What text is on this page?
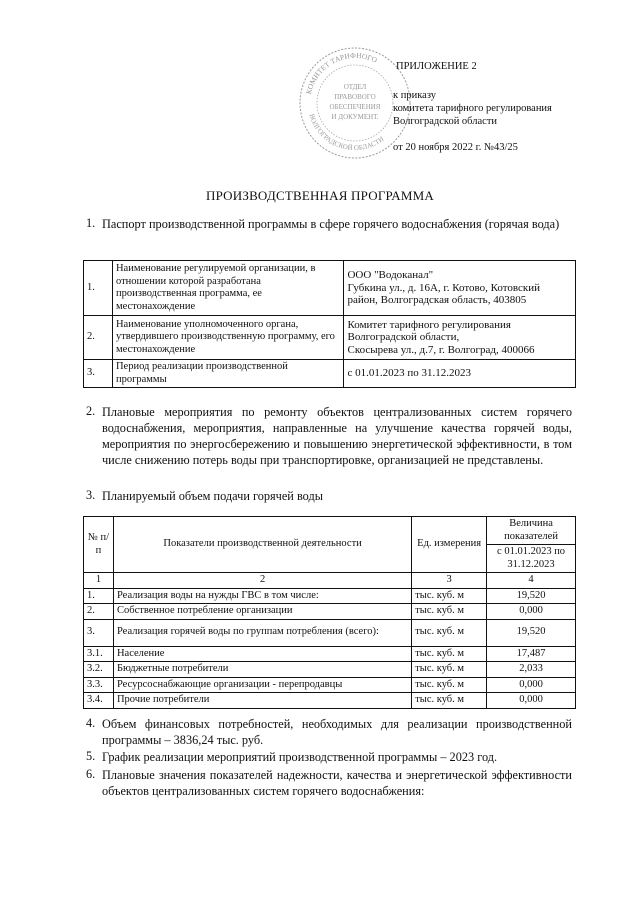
КОМИТЕТ ТАРИФНОГО
ВОЛГОГРАДСКОЙ ОБЛАСТИ
ОТДЕЛ
ПРАВОВОГО
ОБЕСПЕЧЕНИЯ
И ДОКУМЕНТ.
ПРИЛОЖЕНИЕ 2
к приказу
комитета тарифного регулирования
Волгоградской области
от 20 ноября 2022 г. №43/25
ПРОИЗВОДСТВЕННАЯ ПРОГРАММА
1. Паспорт производственной программы в сфере горячего водоснабжения (горячая вода)
1.	Наименование регулируемой организации, в отношении которой разработана производственная программа, ее местонахождение	ООО "Водоканал"
Губкина ул., д. 16А, г. Котово, Котовский район, Волгоградская область, 403805

2.	Наименование уполномоченного органа, утвердившего производственную программу, его местонахождение	Комитет тарифного регулирования Волгоградской области,
Скосырева ул., д.7, г. Волгоград, 400066

3.	Период реализации производственной программы	с 01.01.2023 по 31.12.2023
2. Плановые мероприятия по ремонту объектов централизованных систем горячего водоснабжения, мероприятия, направленные на улучшение качества горячей воды, мероприятия по энергосбережению и повышению энергетической эффективности, в том числе снижению потерь воды при транспортировке, организацией не представлены.
3. Планируемый объем подачи горячей воды
№ п/п	Показатели производственной деятельности	Ед. измерения	Величина показателей
			с 01.01.2023 по 31.12.2023
1	2	3	4
1.	Реализация воды на нужды ГВС в том числе:	тыс. куб. м	19,520
2.	Собственное потребление организации	тыс. куб. м	0,000
3.	Реализация горячей воды по группам потребления (всего):	тыс. куб. м	19,520
3.1.	Население	тыс. куб. м	17,487
3.2.	Бюджетные потребители	тыс. куб. м	2,033
3.3.	Ресурсоснабжающие организации - перепродавцы	тыс. куб. м	0,000
3.4.	Прочие потребители	тыс. куб. м	0,000
4. Объем финансовых потребностей, необходимых для реализации производственной программы – 3836,24 тыс. руб.
5. График реализации мероприятий производственной программы – 2023 год.
6. Плановые значения показателей надежности, качества и энергетической эффективности объектов централизованных систем горячего водоснабжения:
